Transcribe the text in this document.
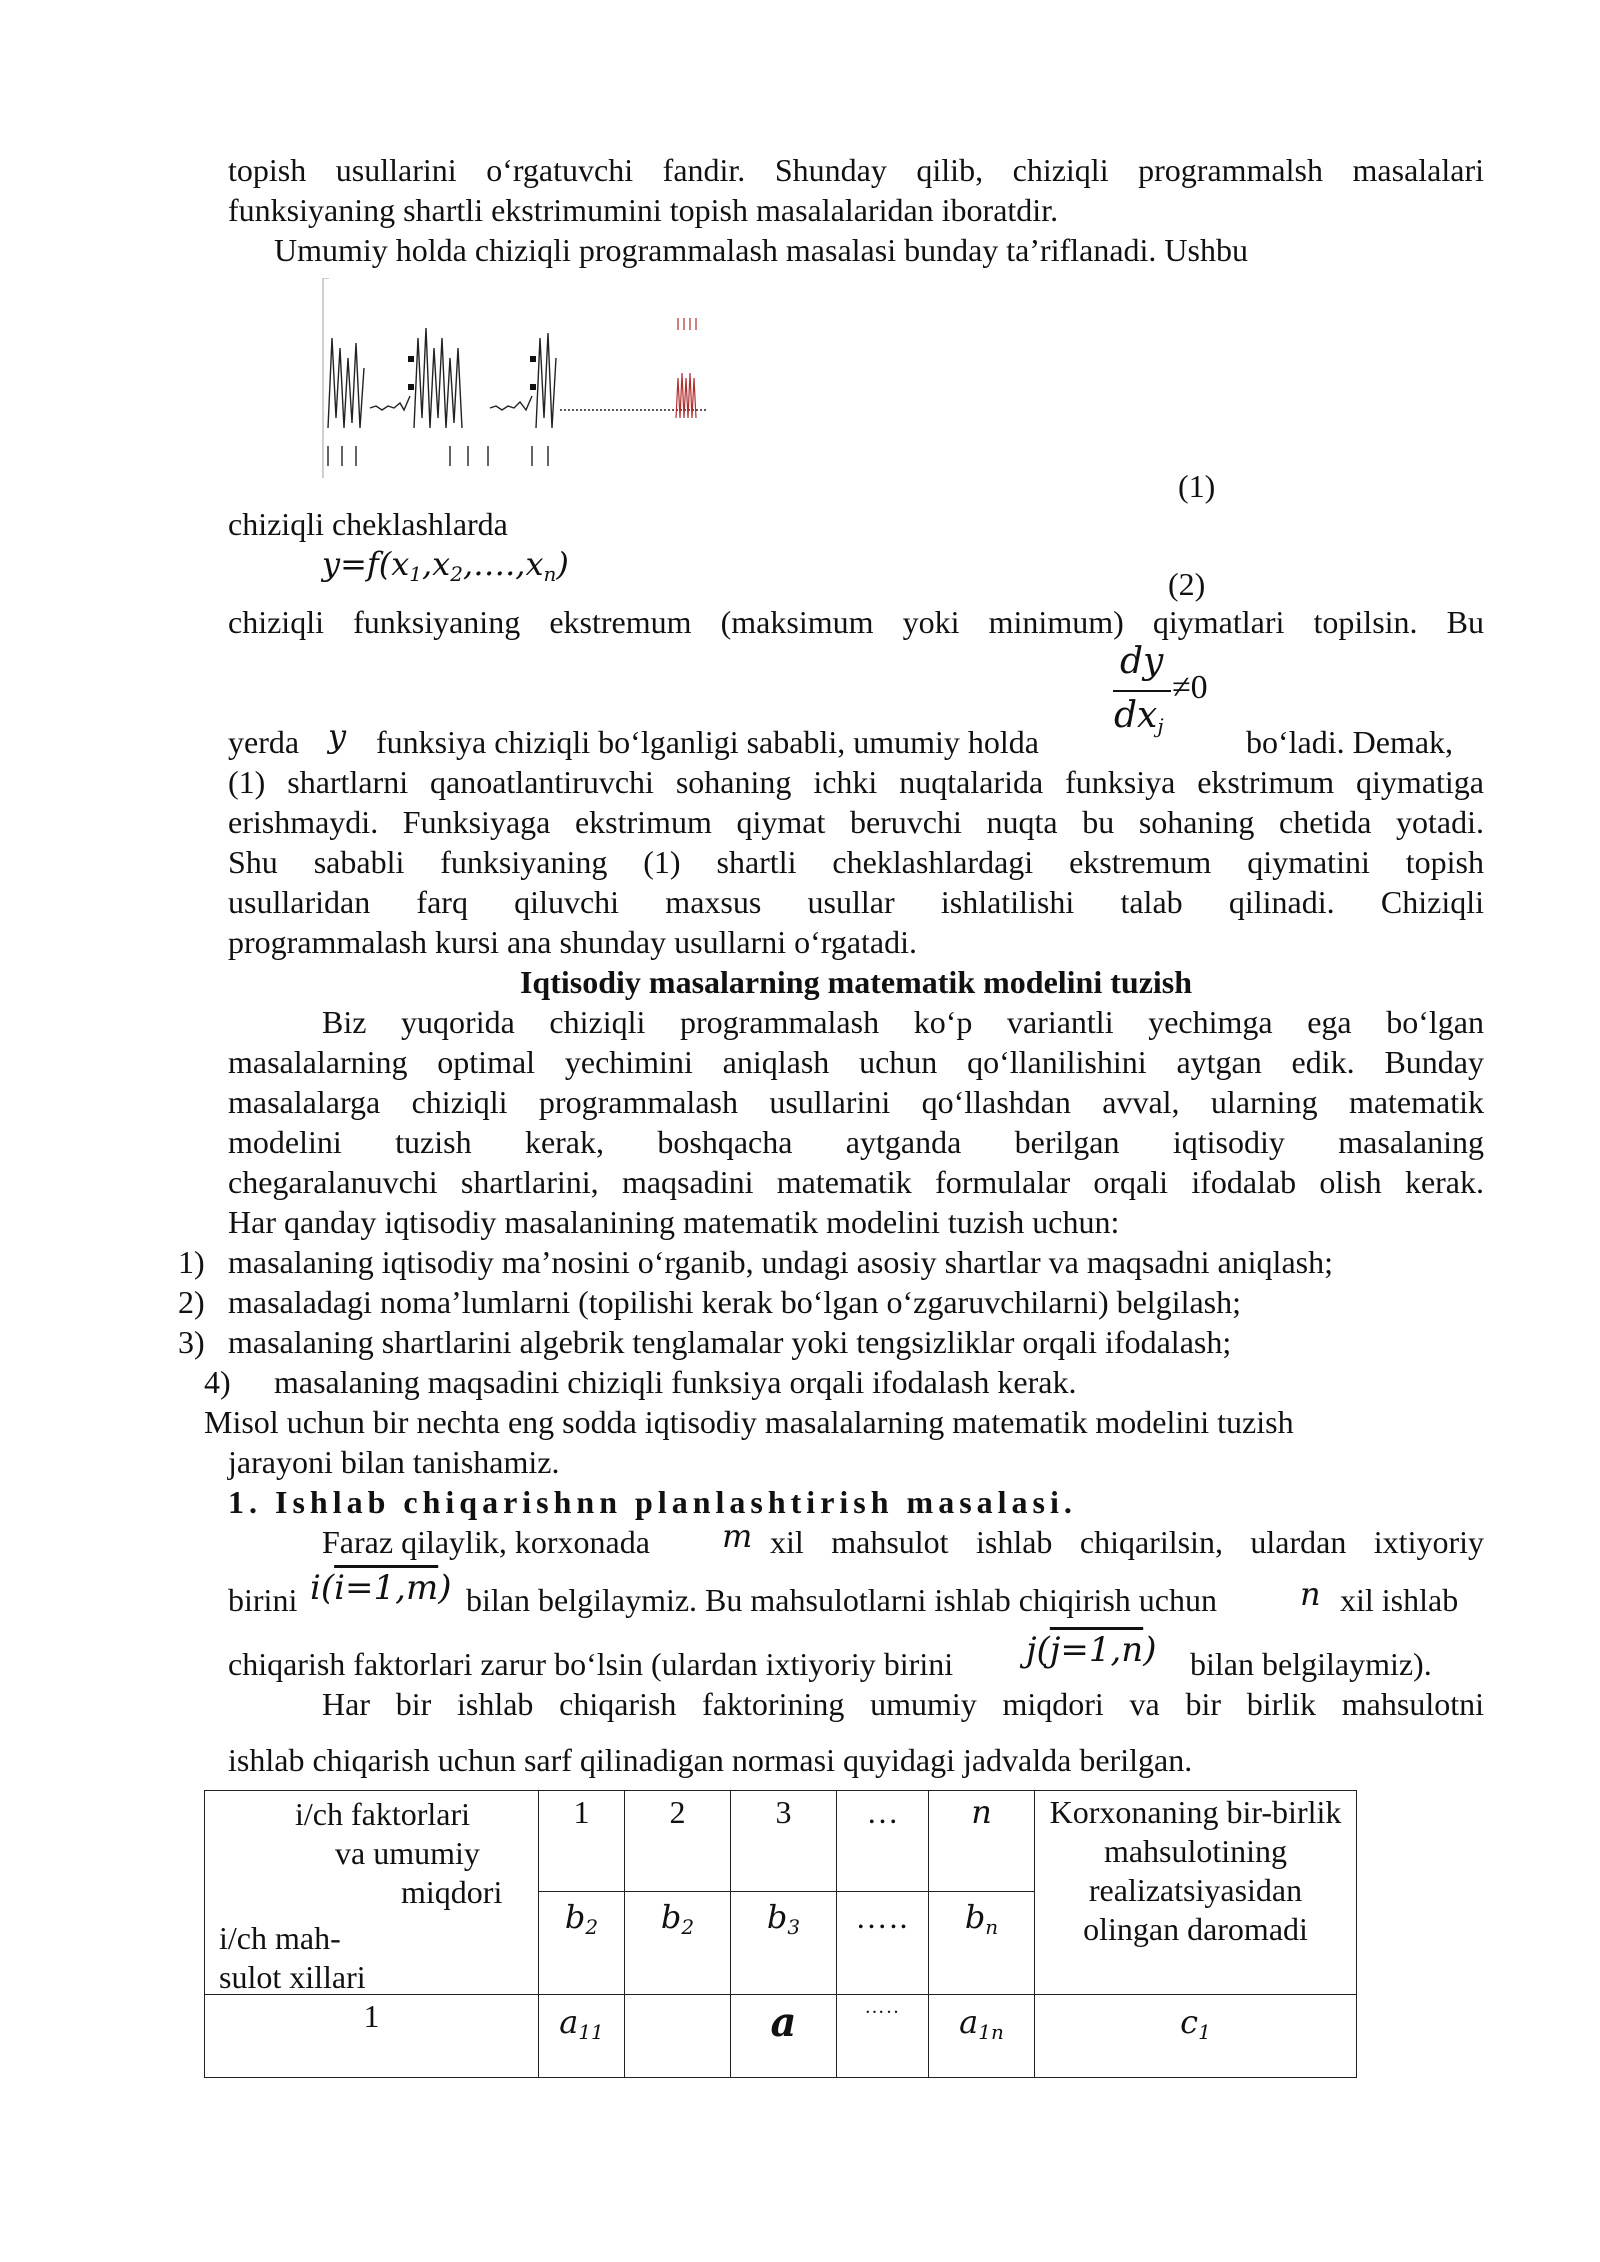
topish usullarini oʻrgatuvchi fandir. Shunday qilib, chiziqli programmalsh masalalari
funksiyaning shartli ekstrimumini topish masalalaridan iboratdir.
Umumiy holda chiziqli programmalash masalasi bunday taʼriflanadi. Ushbu
(1)
chiziqli cheklashlarda
$y=f(x_1,x_2,\dots.,x_n)$
(2)
chiziqli funksiyaning ekstremum (maksimum yoki minimum) qiymatlari topilsin. Bu
dy
$dx_j$
≠0
yerda y funksiya chiziqli boʻlganligi sababli, umumiy holda	boʻladi. Demak,
(1) shartlarni qanoatlantiruvchi sohaning ichki nuqtalarida funksiya ekstrimum qiymatiga
erishmaydi. Funksiyaga ekstrimum qiymat beruvchi nuqta bu sohaning chetida yotadi.
Shu sababli funksiyaning (1) shartli cheklashlardagi ekstremum qiymatini topish
usullaridan farq qiluvchi maxsus usullar ishlatilishi talab qilinadi. Chiziqli
programmalash kursi ana shunday usullarni oʻrgatadi.
Iqtisodiy masalarning matematik modelini tuzish
Biz yuqorida chiziqli programmalash koʻp variantli yechimga ega boʻlgan
masalalarning optimal yechimini aniqlash uchun qoʻllanilishini aytgan edik. Bunday
masalalarga chiziqli programmalash usullarini qoʻllashdan avval, ularning matematik
modelini tuzish kerak, boshqacha aytganda berilgan iqtisodiy masalaning
chegaralanuvchi shartlarini, maqsadini matematik formulalar orqali ifodalab olish kerak.
Har qanday iqtisodiy masalanining matematik modelini tuzish uchun:
1) masalaning iqtisodiy maʼnosini oʻrganib, undagi asosiy shartlar va maqsadni aniqlash;
2) masaladagi nomaʼlumlarni (topilishi kerak boʻlgan oʻzgaruvchilarni) belgilash;
3) masalaning shartlarini algebrik tenglamalar yoki tengsizliklar orqali ifodalash;
4) masalaning maqsadini chiziqli funksiya orqali ifodalash kerak.
Misol uchun bir nechta eng sodda iqtisodiy masalalarning matematik modelini tuzish
jarayoni bilan tanishamiz.
1. Ishlab chiqarishnn planlashtirish masalasi.
Faraz qilaylik, korxonada m xil mahsulot ishlab chiqarilsin, ulardan ixtiyoriy
birini i(i=1,m) bilan belgilaymiz. Bu mahsulotlarni ishlab chiqirish uchun	n xil ishlab
chiqarish faktorlari zarur boʻlsin (ulardan ixtiyoriy birini j(j=1,n) bilan belgilaymiz).
Har bir ishlab chiqarish faktorining umumiy miqdori va bir birlik mahsulotni
ishlab chiqarish uchun sarf qilinadigan normasi quyidagi jadvalda berilgan.
i/ch faktorlari
va umumiy
miqdori
i/ch mah-
sulot xillari	1	2	3	…	n	Korxonaning bir-birlik mahsulotining realizatsiyasidan olingan daromadi
	$b_2$	$b_2$	$b_3$	…..	$b_n$
1	$a_{11}$		a	…..	$a_{1n}$	$c_1$
